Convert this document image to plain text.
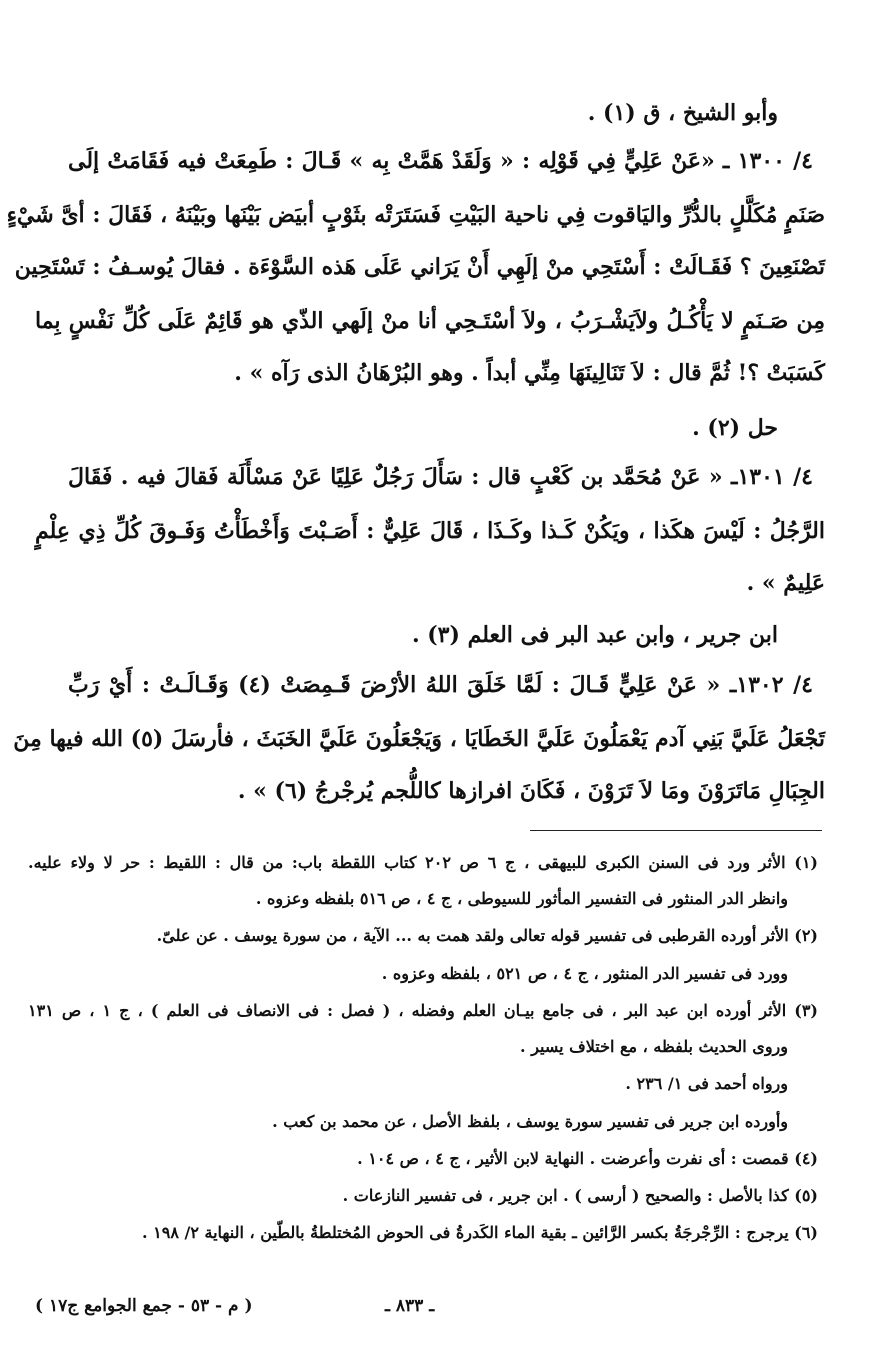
وأبو الشيخ ، ق (١) .
٤/ ١٣٠٠ ـ «عَنْ عَلِيٍّ فِي قَوْلِه : « وَلَقَدْ هَمَّتْ بِه » قَـالَ : طَمِعَتْ فيه فَقَامَتْ إلَى
صَنَمٍ مُكَلَّلٍ بالدُّرِّ واليَاقوت فِي ناحية البَيْتِ فَسَتَرَتْه بثَوْبٍ أبيَض بَيْنَها وبَيْنَهُ ، فَقَالَ : أىَّ شَيْءٍ
تَصْنَعِينَ ؟ فَقَـالَتْ : أَسْتَحِي منْ إلَهِي أَنْ يَرَاني عَلَى هَذه السَّوْءَة . فقالَ يُوسـفُ : تَسْتَحِين
مِن صَـنَمٍ لا يَأْكُـلُ ولاَيَشْـرَبُ ، ولاَ أسْتَـحِي أنا منْ إلَهي الذّي هو قَائِمٌ عَلَى كُلِّ نَفْسٍ بِما
كَسَبَتْ ؟! ثُمَّ قال : لاَ تَنَالِينَهَا مِنِّي أبداً . وهو البُرْهَانُ الذى رَآه » .
حل (٢) .
٤/ ١٣٠١ـ « عَنْ مُحَمَّد بن كَعْبٍ قال : سَأَلَ رَجُلٌ عَلِيًا عَنْ مَسْأَلَة فَقالَ فيه . فَقَالَ
الرَّجُلُ : لَيْسَ هكَذا ، ويَكُنْ كَـذا وكَـذَا ، قَالَ عَلِيٌّ : أَصَـبْتَ وَأَخْطَأْتُ وَفَـوقَ كُلِّ ذِي عِلْمٍ
عَلِيمٌ » .
ابن جرير ، وابن عبد البر فى العلم (٣) .
٤/ ١٣٠٢ـ « عَنْ عَلِيٍّ قَـالَ : لَمَّا خَلَقَ اللهُ الأرْضَ قَـمِصَتْ (٤) وَقَـالَـتْ : أَيْ رَبِّ
تَجْعَلُ عَلَيَّ بَنِي آدم يَعْمَلُونَ عَلَيَّ الخَطَايَا ، وَيَجْعَلُونَ عَلَيَّ الخَبَثَ ، فأرسَلَ (٥) الله فيها مِنَ
الجِبَالِ مَاتَرَوْنَ ومَا لاَ تَرَوْنَ ، فَكَانَ افرازها كاللُّجم يُرجْرجُ (٦) » .
(١) الأثر ورد فى السنن الكبرى للبيهقى ، ج ٦ ص ٢٠٢ كتاب اللقطة باب: من قال : اللقيط : حر لا ولاء عليه.
وانظر الدر المنثور فى التفسير المأثور للسيوطى ، ج ٤ ، ص ٥١٦ بلفظه وعزوه .
(٢) الأثر أورده القرطبى فى تفسير قوله تعالى ولقد همت به ... الآية ، من سورة يوسف . عن علىّ.
وورد فى تفسير الدر المنثور ، ج ٤ ، ص ٥٢١ ، بلفظه وعزوه .
(٣) الأثر أورده ابن عبد البر ، فى جامع بيـان العلم وفضله ، ( فصل : فى الانصاف فى العلم ) ، ج ١ ، ص ١٣١
وروى الحديث بلفظه ، مع اختلاف يسير .
ورواه أحمد فى ١/ ٢٣٦ .
وأورده ابن جرير فى تفسير سورة يوسف ، بلفظ الأصل ، عن محمد بن كعب .
(٤) قمصت : أى نفرت وأعرضت . النهاية لابن الأثير ، ج ٤ ، ص ١٠٤ .
(٥) كذا بالأصل : والصحيح ( أرسى ) . ابن جرير ، فى تفسير النازعات .
(٦) يرجرج : الرِّجْرجَةُ بكسر الرَّائين ـ بقية الماء الكَدرةُ فى الحوض المُختلطةُ بالطّين ، النهاية ٢/ ١٩٨ .
ـ ٨٣٣ ـ
( م - ٥٣ - جمع الجوامع ج١٧ )
